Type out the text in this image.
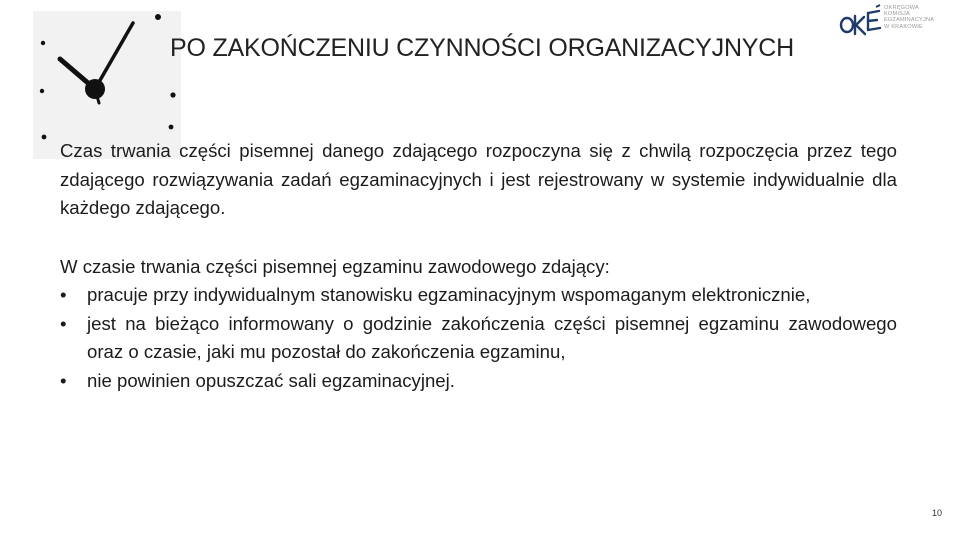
PO ZAKOŃCZENIU CZYNNOŚCI ORGANIZACYJNYCH
OKRĘGOWA
KOMISJA
EGZAMINACYJNA
W KRAKOWIE

Czas trwania części pisemnej danego zdającego rozpoczyna się z chwilą rozpoczęcia przez tego zdającego rozwiązywania zadań egzaminacyjnych i jest rejestrowany w systemie indywidualnie dla każdego zdającego.

W czasie trwania części pisemnej egzaminu zawodowego zdający:

• pracuje przy indywidualnym stanowisku egzaminacyjnym wspomaganym elektronicznie,
• jest na bieżąco informowany o godzinie zakończenia części pisemnej egzaminu zawodowego oraz o czasie, jaki mu pozostał do zakończenia egzaminu,
• nie powinien opuszczać sali egzaminacyjnej.
10
